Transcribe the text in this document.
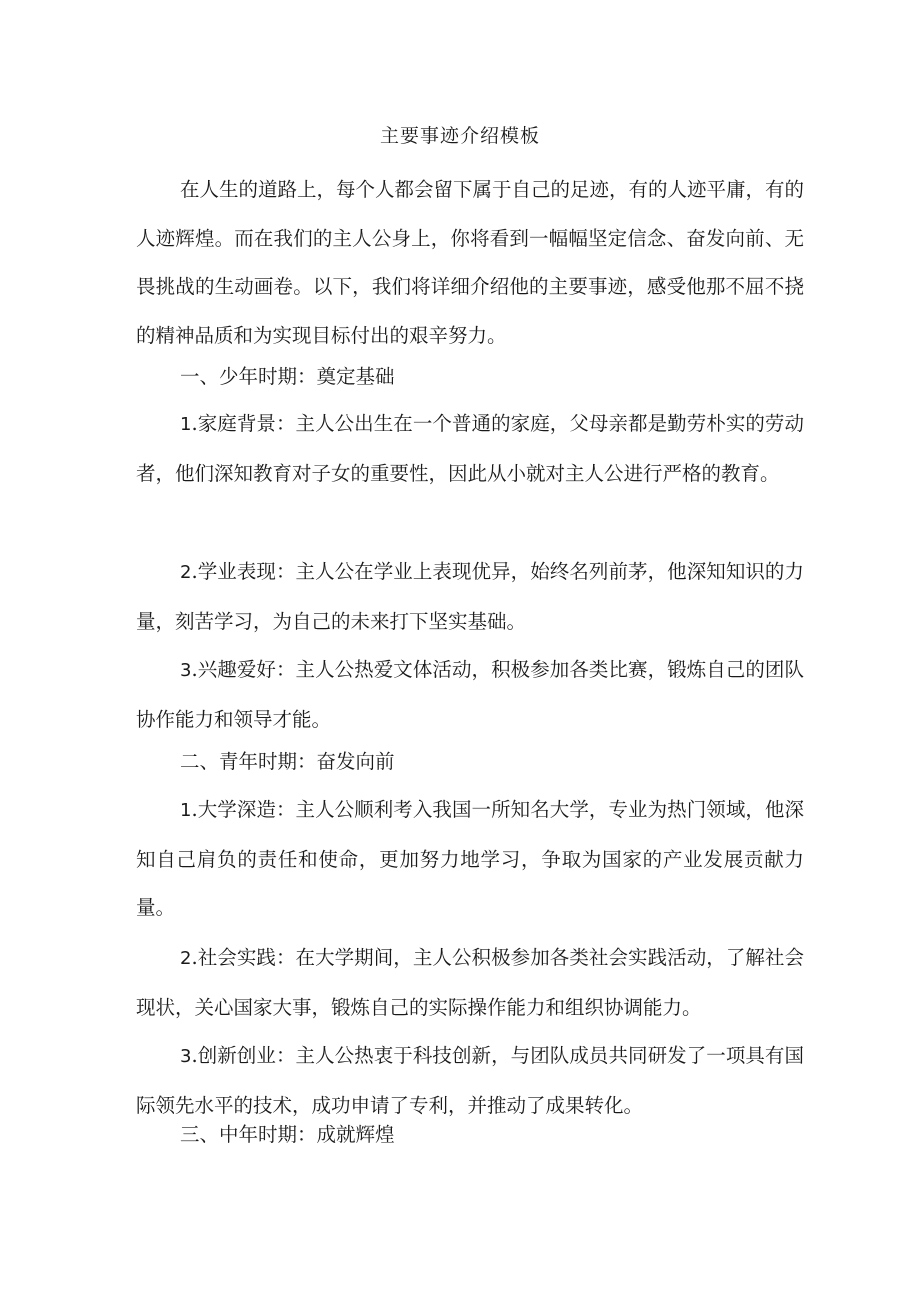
主要事迹介绍模板

在人生的道路上，每个人都会留下属于自己的足迹，有的人迹平庸，有的人迹辉煌。而在我们的主人公身上，你将看到一幅幅坚定信念、奋发向前、无畏挑战的生动画卷。以下，我们将详细介绍他的主要事迹，感受他那不屈不挠的精神品质和为实现目标付出的艰辛努力。

一、少年时期：奠定基础

1.家庭背景：主人公出生在一个普通的家庭，父母亲都是勤劳朴实的劳动者，他们深知教育对子女的重要性，因此从小就对主人公进行严格的教育。

2.学业表现：主人公在学业上表现优异，始终名列前茅，他深知知识的力量，刻苦学习，为自己的未来打下坚实基础。

3.兴趣爱好：主人公热爱文体活动，积极参加各类比赛，锻炼自己的团队协作能力和领导才能。

二、青年时期：奋发向前

1.大学深造：主人公顺利考入我国一所知名大学，专业为热门领域，他深知自己肩负的责任和使命，更加努力地学习，争取为国家的产业发展贡献力量。

2.社会实践：在大学期间，主人公积极参加各类社会实践活动，了解社会现状，关心国家大事，锻炼自己的实际操作能力和组织协调能力。

3.创新创业：主人公热衷于科技创新，与团队成员共同研发了一项具有国际领先水平的技术，成功申请了专利，并推动了成果转化。

三、中年时期：成就辉煌
